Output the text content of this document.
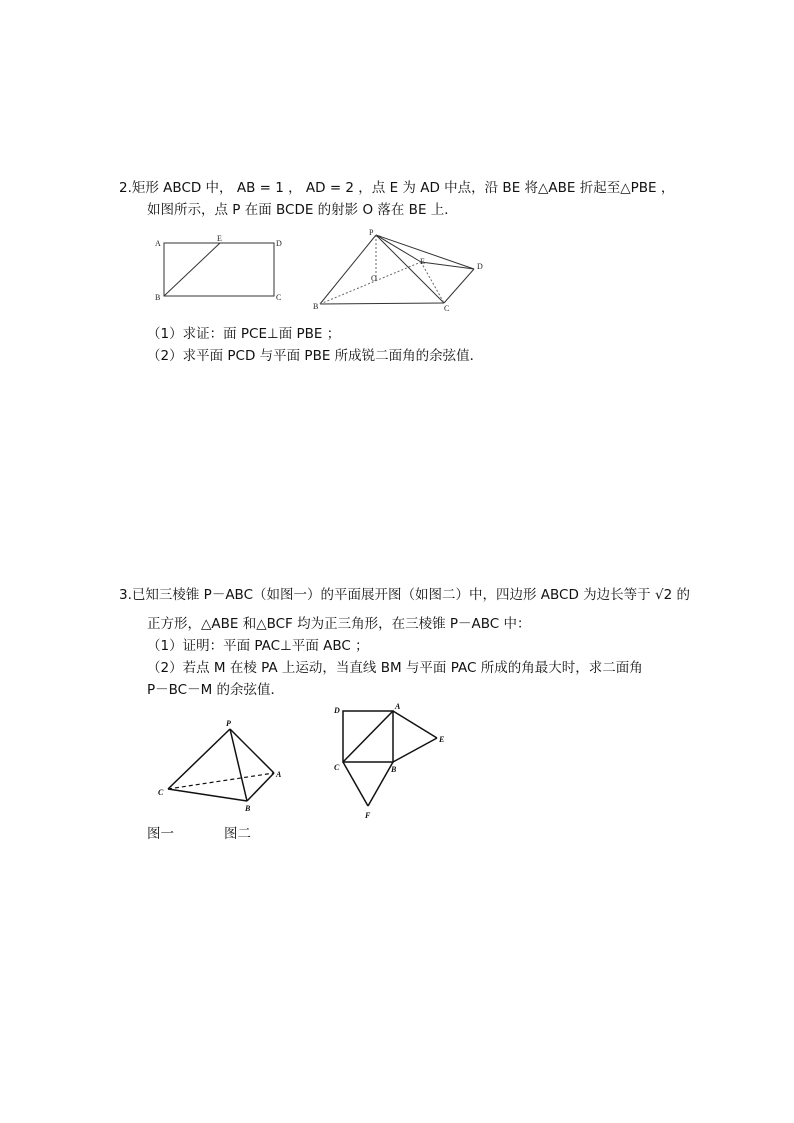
2.矩形 ABCD 中， AB = 1 ， AD = 2 ，点 E 为 AD 中点，沿 BE 将△ABE 折起至△PBE ，
如图所示，点 P 在面 BCDE 的射影 O 落在 BE 上．
A
E
D
B	C
P
E
D
O
B	C
（1）求证：面 PCE⊥面 PBE ；
（2）求平面 PCD 与平面 PBE 所成锐二面角的余弦值．
3.已知三棱锥 P－ABC（如图一）的平面展开图（如图二）中，四边形 ABCD 为边长等于 √2 的
正方形，△ABE 和△BCF 均为正三角形，在三棱锥 P－ABC 中：
（1）证明：平面 PAC⊥平面 ABC ；
（2）若点 M 在棱 PA 上运动，当直线 BM 与平面 PAC 所成的角最大时，求二面角
P－BC－M 的余弦值．
P
A
B
C
D	A
E
C	B
F
图一	图二
